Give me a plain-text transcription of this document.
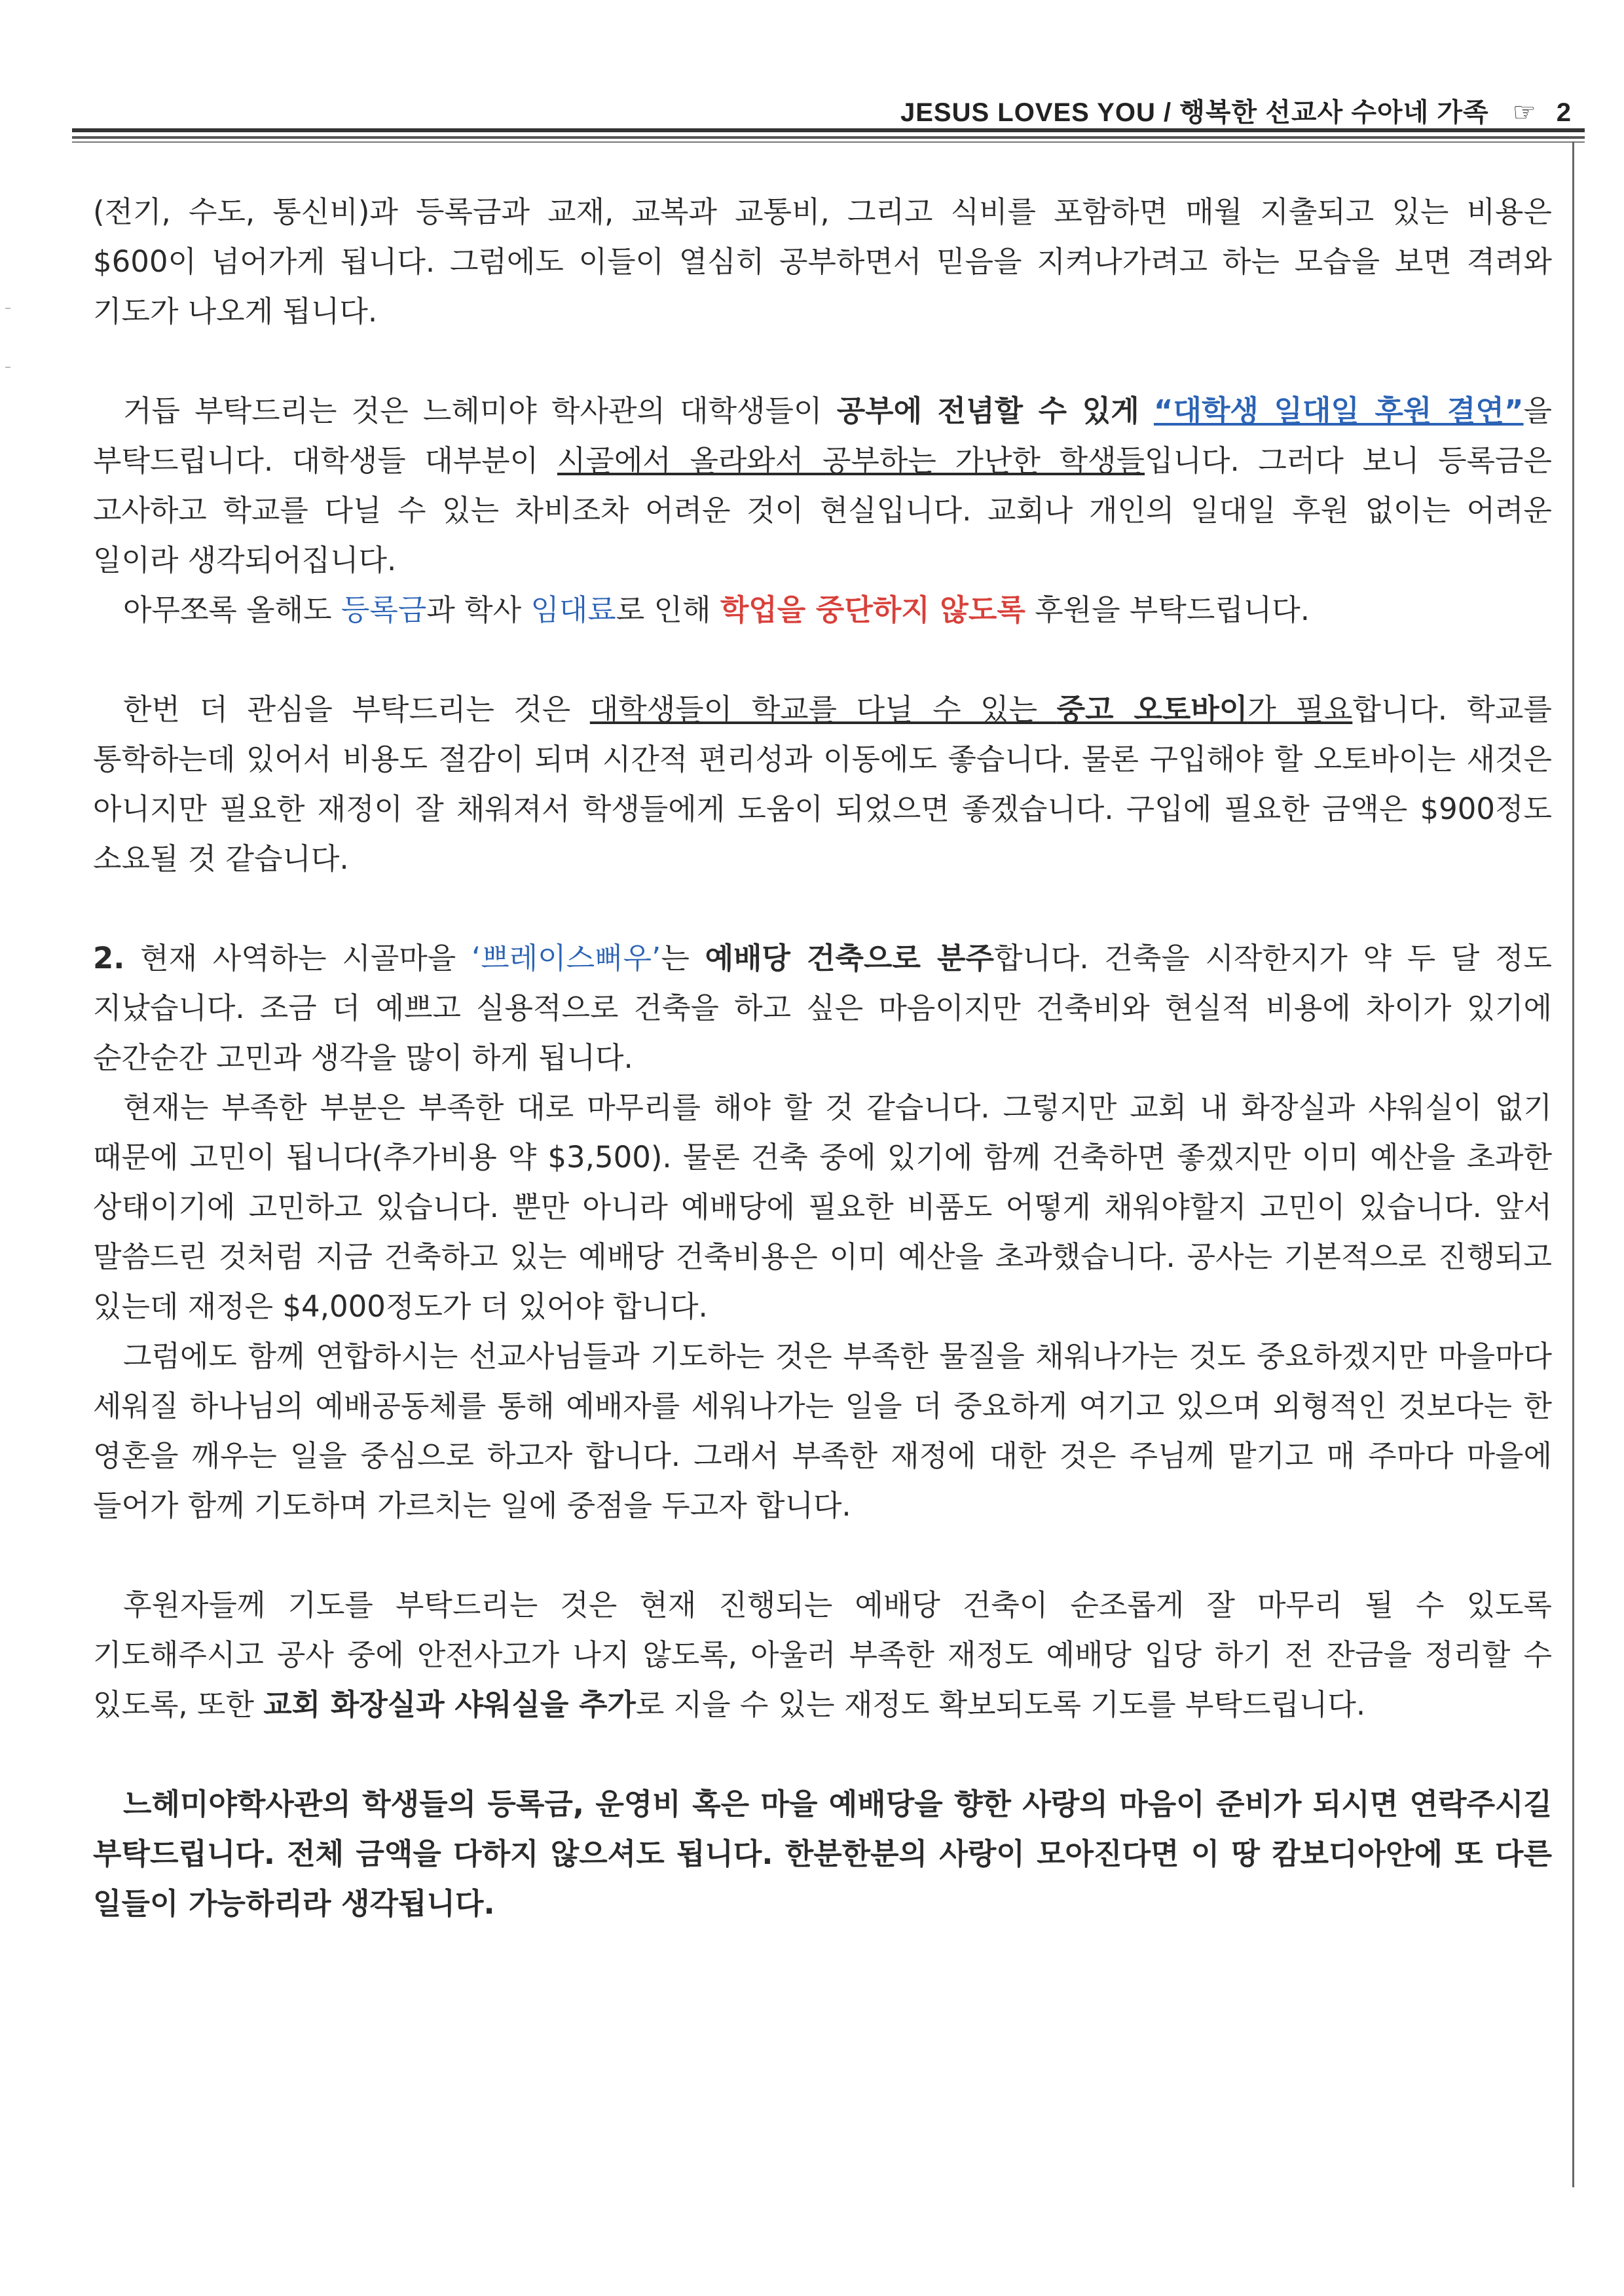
JESUS LOVES YOU / 행복한 선교사 수아네 가족 ☞ 2

(전기, 수도, 통신비)과 등록금과 교재, 교복과 교통비, 그리고 식비를 포함하면 매월 지출되고 있는 비용은 $600이 넘어가게 됩니다. 그럼에도 이들이 열심히 공부하면서 믿음을 지켜나가려고 하는 모습을 보면 격려와 기도가 나오게 됩니다.

거듭 부탁드리는 것은 느헤미야 학사관의 대학생들이 공부에 전념할 수 있게 “대학생 일대일 후원 결연”을 부탁드립니다. 대학생들 대부분이 시골에서 올라와서 공부하는 가난한 학생들입니다. 그러다 보니 등록금은 고사하고 학교를 다닐 수 있는 차비조차 어려운 것이 현실입니다. 교회나 개인의 일대일 후원 없이는 어려운 일이라 생각되어집니다.

아무쪼록 올해도 등록금과 학사 임대료로 인해 학업을 중단하지 않도록 후원을 부탁드립니다.

한번 더 관심을 부탁드리는 것은 대학생들이 학교를 다닐 수 있는 중고 오토바이가 필요합니다. 학교를 통학하는데 있어서 비용도 절감이 되며 시간적 편리성과 이동에도 좋습니다. 물론 구입해야 할 오토바이는 새것은 아니지만 필요한 재정이 잘 채워져서 학생들에게 도움이 되었으면 좋겠습니다. 구입에 필요한 금액은 $900정도 소요될 것 같습니다.

2. 현재 사역하는 시골마을 ‘쁘레이스뻐우’는 예배당 건축으로 분주합니다. 건축을 시작한지가 약 두 달 정도 지났습니다. 조금 더 예쁘고 실용적으로 건축을 하고 싶은 마음이지만 건축비와 현실적 비용에 차이가 있기에 순간순간 고민과 생각을 많이 하게 됩니다.

현재는 부족한 부분은 부족한 대로 마무리를 해야 할 것 같습니다. 그렇지만 교회 내 화장실과 샤워실이 없기 때문에 고민이 됩니다(추가비용 약 $3,500). 물론 건축 중에 있기에 함께 건축하면 좋겠지만 이미 예산을 초과한 상태이기에 고민하고 있습니다. 뿐만 아니라 예배당에 필요한 비품도 어떻게 채워야할지 고민이 있습니다. 앞서 말씀드린 것처럼 지금 건축하고 있는 예배당 건축비용은 이미 예산을 초과했습니다. 공사는 기본적으로 진행되고 있는데 재정은 $4,000정도가 더 있어야 합니다.

그럼에도 함께 연합하시는 선교사님들과 기도하는 것은 부족한 물질을 채워나가는 것도 중요하겠지만 마을마다 세워질 하나님의 예배공동체를 통해 예배자를 세워나가는 일을 더 중요하게 여기고 있으며 외형적인 것보다는 한 영혼을 깨우는 일을 중심으로 하고자 합니다. 그래서 부족한 재정에 대한 것은 주님께 맡기고 매 주마다 마을에 들어가 함께 기도하며 가르치는 일에 중점을 두고자 합니다.

후원자들께 기도를 부탁드리는 것은 현재 진행되는 예배당 건축이 순조롭게 잘 마무리 될 수 있도록 기도해주시고 공사 중에 안전사고가 나지 않도록, 아울러 부족한 재정도 예배당 입당 하기 전 잔금을 정리할 수 있도록, 또한 교회 화장실과 샤워실을 추가로 지을 수 있는 재정도 확보되도록 기도를 부탁드립니다.

느헤미야학사관의 학생들의 등록금, 운영비 혹은 마을 예배당을 향한 사랑의 마음이 준비가 되시면 연락주시길 부탁드립니다. 전체 금액을 다하지 않으셔도 됩니다. 한분한분의 사랑이 모아진다면 이 땅 캄보디아안에 또 다른 일들이 가능하리라 생각됩니다.
